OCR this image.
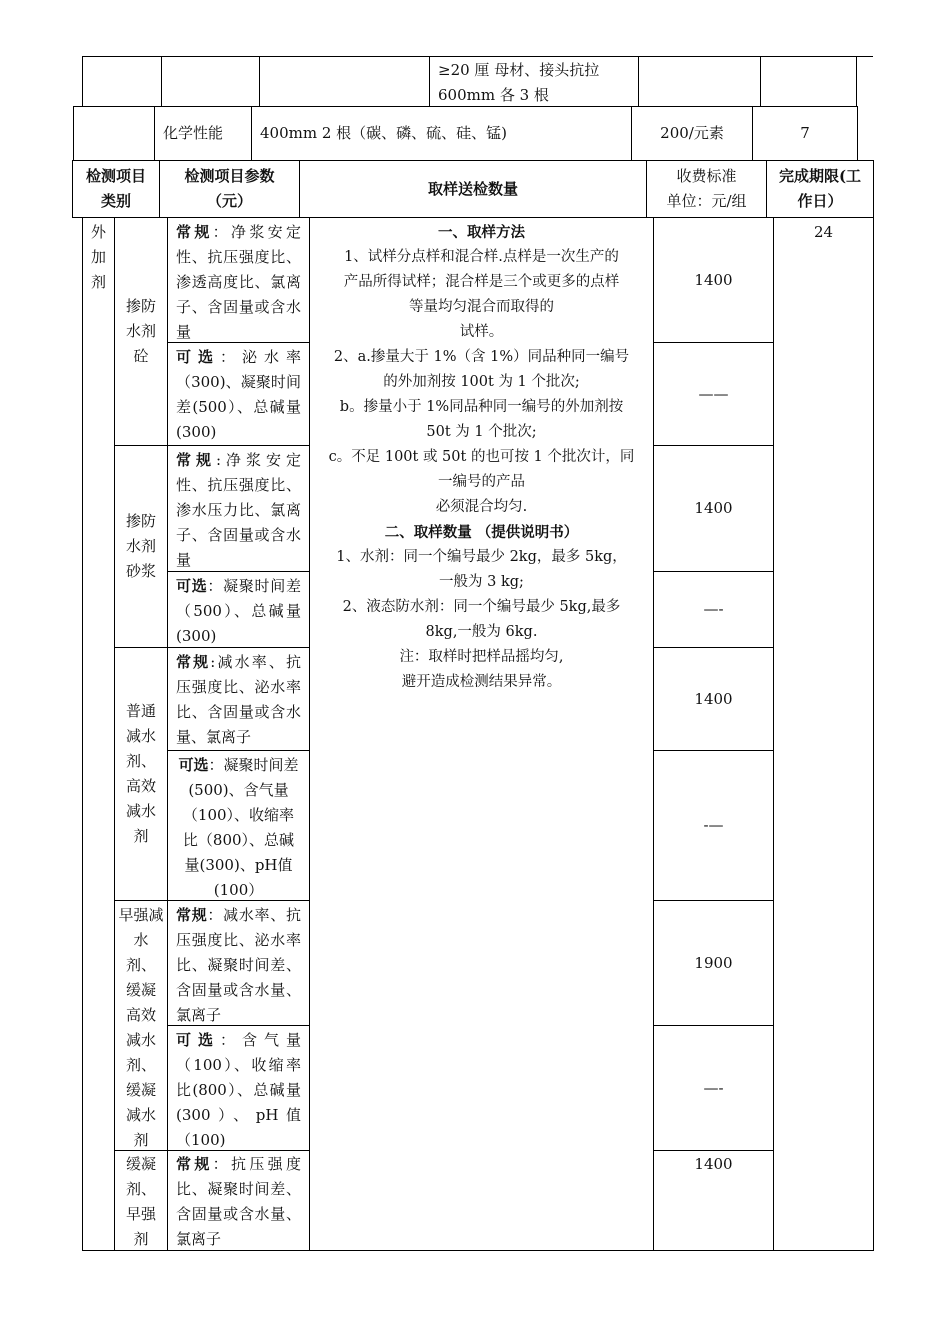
≥20 厘 母材、接头抗拉
600mm 各 3 根
化学性能 400mm 2 根（碳、磷、硫、硅、锰)	200/元素	7
检测项目
类别
检测项目参数
（元）
取样送检数量
收费标准
单位：元/组
完成期限(工
作日）
外
加
剂
掺防
水剂
砼
常规：净浆安定性、抗压强度比、渗透高度比、氯离子、含固量或含水量
可选：泌水率（300)、凝聚时间差(500）、总碱量(300)
掺防
水剂
砂浆
常规:净浆安定性、抗压强度比、渗水压力比、氯离子、含固量或含水量
可选：凝聚时间差（500）、总碱量(300)
普通
减水
剂、
高效
减水
剂
常规:减水率、抗压强度比、泌水率比、含固量或含水量、氯离子
可选：凝聚时间差(500)、含气量（100）、收缩率比（800）、总碱量(300)、pH值(100）
早强减
水
剂、
缓凝
高效
减水
剂、
缓凝
减水
剂
常规：减水率、抗压强度比、泌水率比、凝聚时间差、含固量或含水量、氯离子
可选：含气量（100）、收缩率比(800）、总碱量(300）、pH值（100)
缓凝
剂、
早强
剂
常规：抗压强度比、凝聚时间差、含固量或含水量、氯离子
一、取样方法
1、试样分点样和混合样.点样是一次生产的
产品所得试样；混合样是三个或更多的点样
等量均匀混合而取得的
试样。
2、a.掺量大于 1%（含 1%）同品种同一编号
的外加剂按 100t 为 1 个批次;
b。掺量小于 1%同品种同一编号的外加剂按
50t 为 1 个批次;
c。不足 100t 或 50t 的也可按 1 个批次计，同
一编号的产品
必须混合均匀.
二、取样数量 （提供说明书）
1、水剂：同一个编号最少 2kg，最多 5kg，
一般为 3 kg;
2、液态防水剂：同一个编号最少 5kg,最多
8kg,一般为 6kg.
注：取样时把样品摇均匀,
避开造成检测结果异常。
1400
——
1400
—-
1400
-—
1900
—-
1400
24
